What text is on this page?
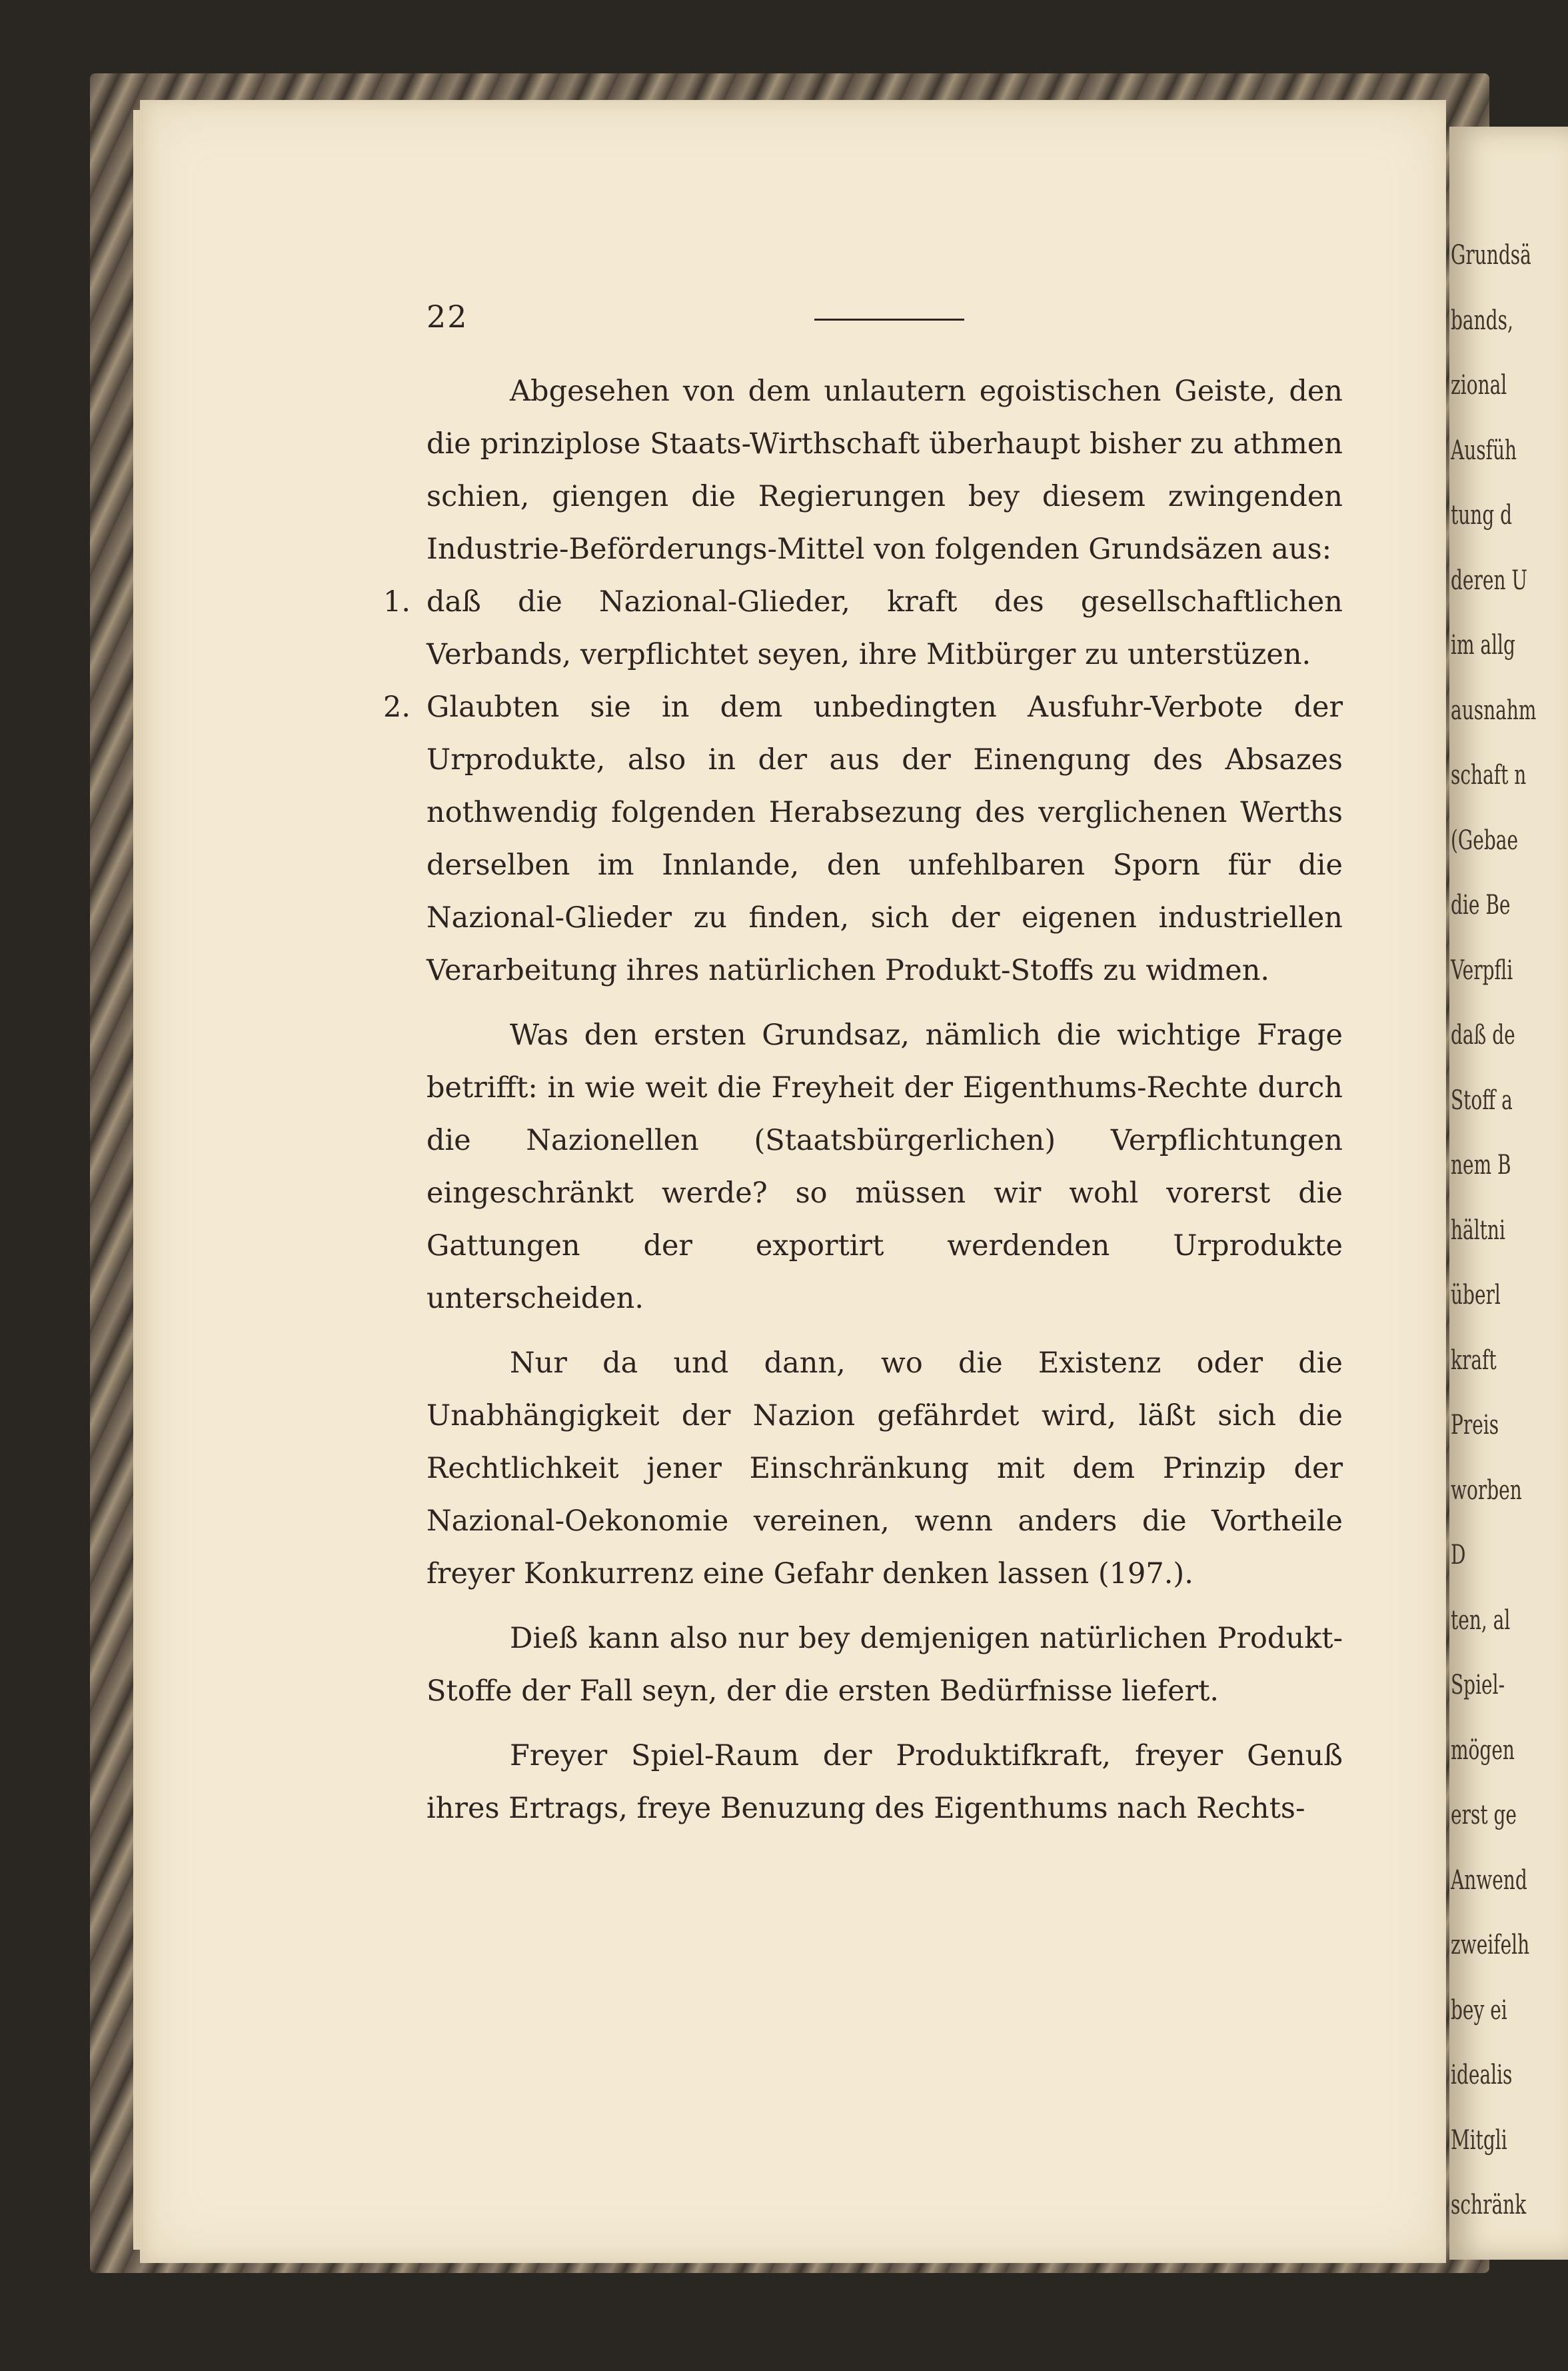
Grundsä
bands,
zional
Ausfüh
tung d
deren U
im allg
ausnahm
schaft n
(Gebae
die Be
Verpfli
daß de
Stoff a
nem B
hältni
überl
kraft
Preis
worben
D
ten, al
Spiel-
mögen
erst ge
Anwend
zweifelh
bey ei
idealis
Mitgli
schränk
22

Abgesehen von dem unlautern egoistischen Geiste, den die prinziplose Staats-Wirthschaft überhaupt bisher zu athmen schien, giengen die Regierungen bey diesem zwingenden Industrie-Beförderungs-Mittel von folgenden Grundsäzen aus:

1. daß die Nazional-Glieder, kraft des gesellschaftlichen Verbands, verpflichtet seyen, ihre Mitbürger zu unterstüzen.

2. Glaubten sie in dem unbedingten Ausfuhr-Verbote der Urprodukte, also in der aus der Einengung des Absazes nothwendig folgenden Herabsezung des verglichenen Werths derselben im Innlande, den unfehlbaren Sporn für die Nazional-Glieder zu finden, sich der eigenen industriellen Verarbeitung ihres natürlichen Produkt-Stoffs zu widmen.

Was den ersten Grundsaz, nämlich die wichtige Frage betrifft: in wie weit die Freyheit der Eigenthums-Rechte durch die Nazionellen (Staatsbürgerlichen) Verpflichtungen eingeschränkt werde? so müssen wir wohl vorerst die Gattungen der exportirt werdenden Urprodukte unterscheiden.

Nur da und dann, wo die Existenz oder die Unabhängigkeit der Nazion gefährdet wird, läßt sich die Rechtlichkeit jener Einschränkung mit dem Prinzip der Nazional-Oekonomie vereinen, wenn anders die Vortheile freyer Konkurrenz eine Gefahr denken lassen (197.).

Dieß kann also nur bey demjenigen natürlichen Produkt-Stoffe der Fall seyn, der die ersten Bedürfnisse liefert.

Freyer Spiel-Raum der Produktifkraft, freyer Genuß ihres Ertrags, freye Benuzung des Eigenthums nach Rechts-
